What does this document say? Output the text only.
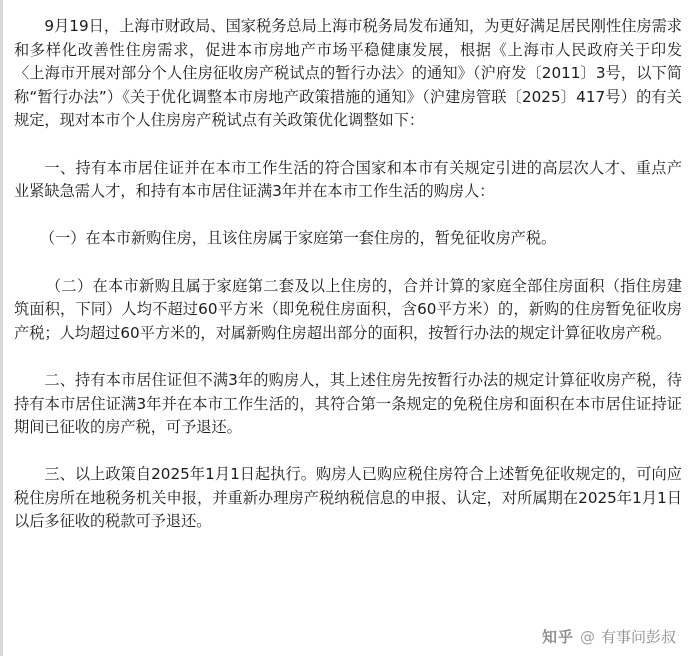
9月19日，上海市财政局、国家税务总局上海市税务局发布通知，为更好满足居民刚性住房需求和多样化改善性住房需求，促进本市房地产市场平稳健康发展，根据《上海市人民政府关于印发〈上海市开展对部分个人住房征收房产税试点的暂行办法〉的通知》（沪府发〔2011〕3号，以下简称“暂行办法”）《关于优化调整本市房地产政策措施的通知》（沪建房管联〔2025〕417号）的有关规定，现对本市个人住房房产税试点有关政策优化调整如下：

一、持有本市居住证并在本市工作生活的符合国家和本市有关规定引进的高层次人才、重点产业紧缺急需人才，和持有本市居住证满3年并在本市工作生活的购房人：

（一）在本市新购住房，且该住房属于家庭第一套住房的，暂免征收房产税。

（二）在本市新购且属于家庭第二套及以上住房的，合并计算的家庭全部住房面积（指住房建筑面积，下同）人均不超过60平方米（即免税住房面积，含60平方米）的，新购的住房暂免征收房产税；人均超过60平方米的，对属新购住房超出部分的面积，按暂行办法的规定计算征收房产税。

二、持有本市居住证但不满3年的购房人，其上述住房先按暂行办法的规定计算征收房产税，待持有本市居住证满3年并在本市工作生活的，其符合第一条规定的免税住房和面积在本市居住证持证期间已征收的房产税，可予退还。

三、以上政策自2025年1月1日起执行。购房人已购应税住房符合上述暂免征收规定的，可向应税住房所在地税务机关申报，并重新办理房产税纳税信息的申报、认定，对所属期在2025年1月1日以后多征收的税款可予退还。

知乎 @ 有事问彭叔
